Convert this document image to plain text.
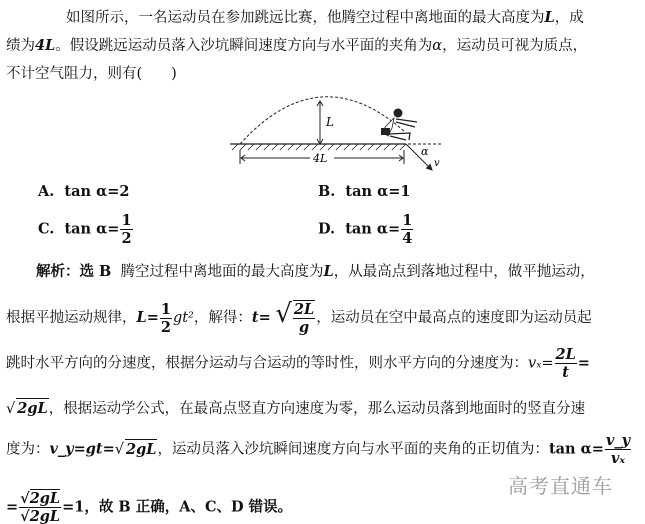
如图所示，一名运动员在参加跳远比赛，他腾空过程中离地面的最大高度为L，成
绩为4L。假设跳远运动员落入沙坑瞬间速度方向与水平面的夹角为α，运动员可视为质点，
不计空气阻力，则有(　　)
L
4L
α
v
A. tan α=2	B. tan α=1
C. $\tan \alpha= \frac{1}{2}$	D. $\tan \alpha= \frac{1}{4}$
解析：选 B 腾空过程中离地面的最大高度为L，从最高点到落地过程中，做平抛运动，
根据平抛运动规律，$L= \frac{1}{2} gt^2$，解得：t= √ $\frac{2L}{g}$ ，运动员在空中最高点的速度即为运动员起
跳时水平方向的分速度，根据分运动与合运动的等时性，则水平方向的分速度为：$v_x= \frac{2L}{t}$ =
√ 2gL，根据运动学公式，在最高点竖直方向速度为零，那么运动员落到地面时的竖直分速
度为：v_y=gt=√ 2gL，运动员落入沙坑瞬间速度方向与水平面的夹角的正切值为：$\tan \alpha= \frac{v\_y}{\text{vₓ}}$
= $\frac{√2gL}{√2gL} =1$，故 B 正确，A、C、D 错误。
高考直通车
